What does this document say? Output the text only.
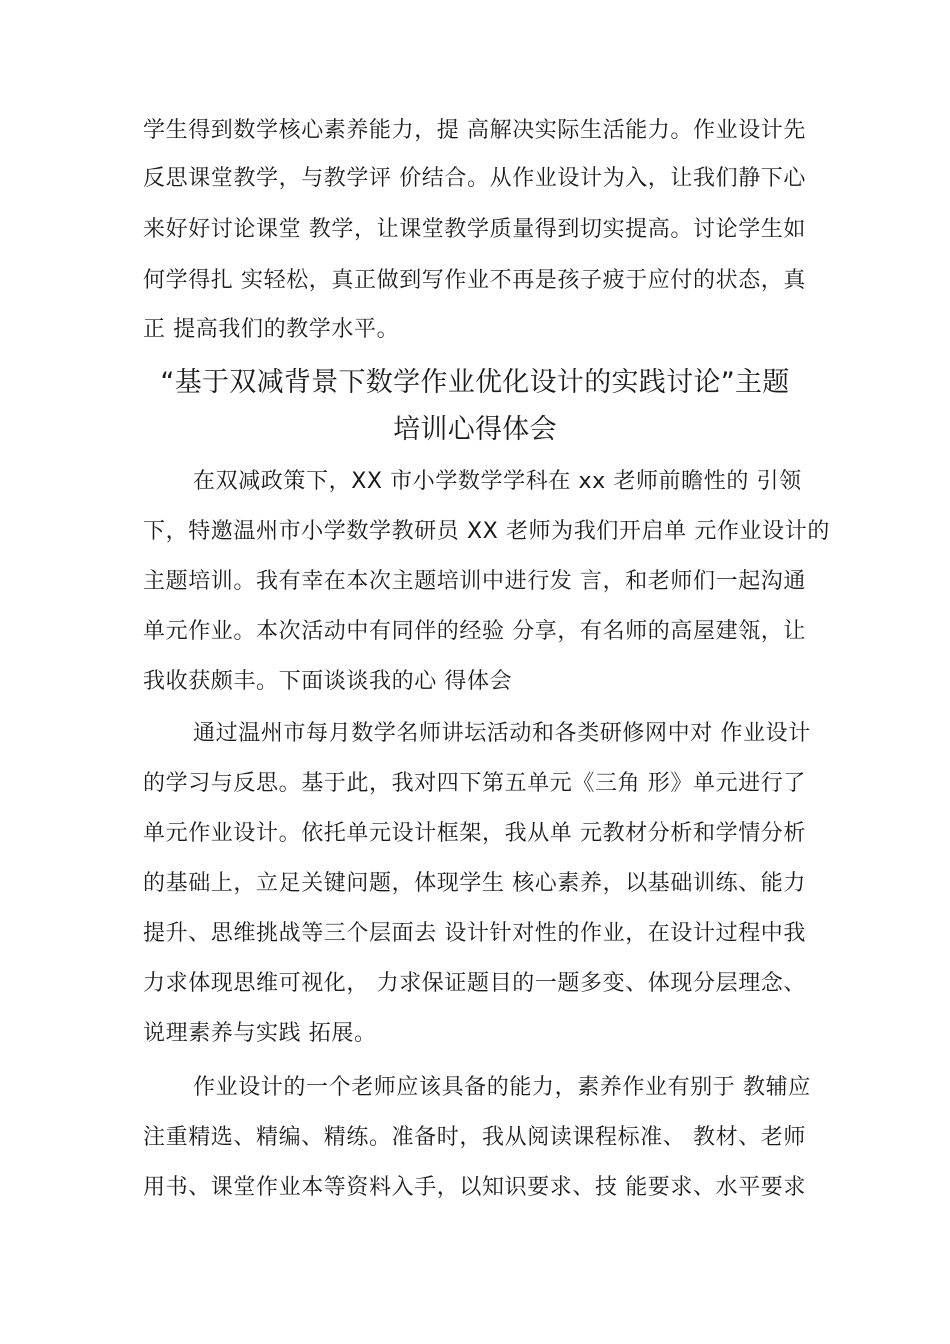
学生得到数学核心素养能力，提 高解决实际生活能力。作业设计先
反思课堂教学，与教学评 价结合。从作业设计为入，让我们静下心
来好好讨论课堂 教学，让课堂教学质量得到切实提高。讨论学生如
何学得扎 实轻松，真正做到写作业不再是孩子疲于应付的状态，真
正 提高我们的教学水平。
“基于双减背景下数学作业优化设计的实践讨论”主题
培训心得体会
在双减政策下，XX 市小学数学学科在 xx 老师前瞻性的 引领
下，特邀温州市小学数学教研员 XX 老师为我们开启单 元作业设计的
主题培训。我有幸在本次主题培训中进行发 言，和老师们一起沟通
单元作业。本次活动中有同伴的经验 分享，有名师的高屋建瓴，让
我收获颇丰。下面谈谈我的心 得体会
通过温州市每月数学名师讲坛活动和各类研修网中对 作业设计
的学习与反思。基于此，我对四下第五单元《三角 形》单元进行了
单元作业设计。依托单元设计框架，我从单 元教材分析和学情分析
的基础上，立足关键问题，体现学生 核心素养，以基础训练、能力
提升、思维挑战等三个层面去 设计针对性的作业，在设计过程中我
力求体现思维可视化， 力求保证题目的一题多变、体现分层理念、
说理素养与实践 拓展。
作业设计的一个老师应该具备的能力，素养作业有别于 教辅应
注重精选、精编、精练。准备时，我从阅读课程标准、 教材、老师
用书、课堂作业本等资料入手，以知识要求、技 能要求、水平要求
